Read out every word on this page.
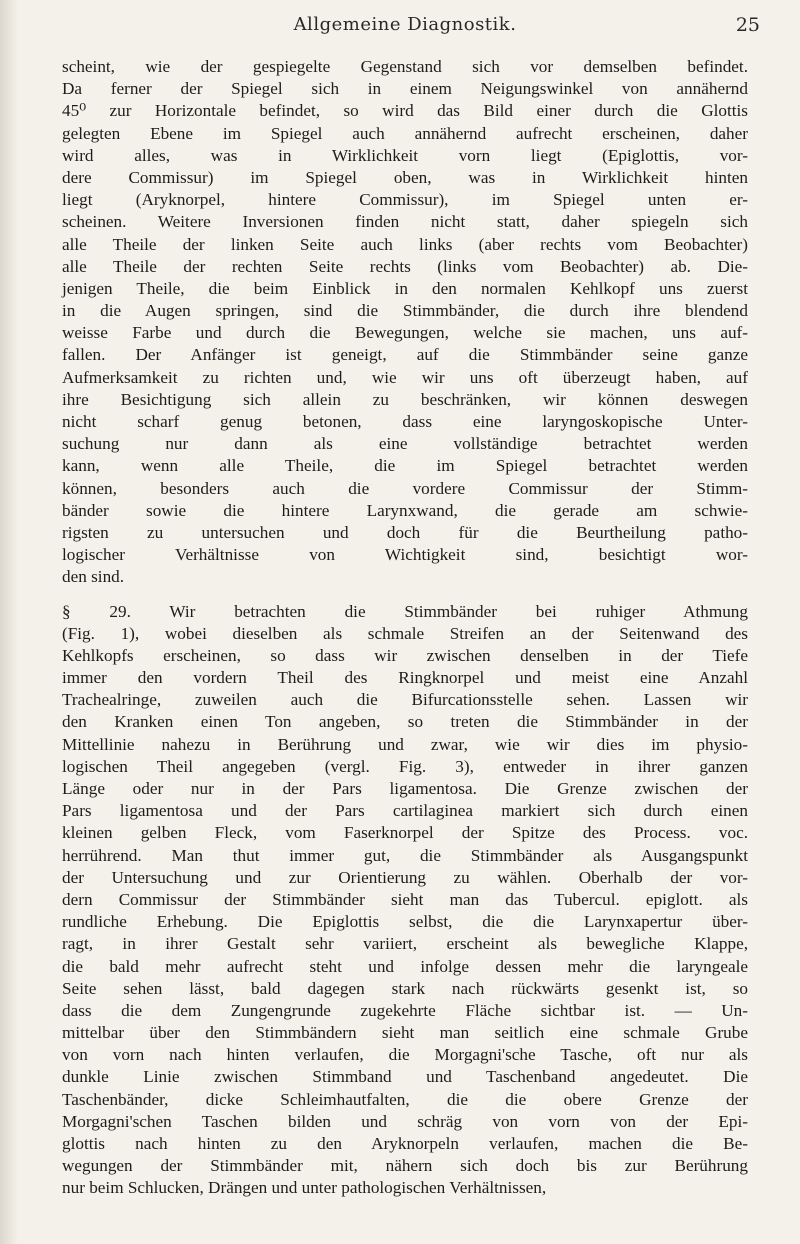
Allgemeine Diagnostik.	25

scheint, wie der gespiegelte Gegenstand sich vor demselben befindet.
Da ferner der Spiegel sich in einem Neigungswinkel von annähernd
45⁰ zur Horizontale befindet, so wird das Bild einer durch die Glottis
gelegten Ebene im Spiegel auch annähernd aufrecht erscheinen, daher
wird alles, was in Wirklichkeit vorn liegt (Epiglottis, vor-
dere Commissur) im Spiegel oben, was in Wirklichkeit hinten
liegt (Aryknorpel, hintere Commissur), im Spiegel unten er-
scheinen. Weitere Inversionen finden nicht statt, daher spiegeln sich
alle Theile der linken Seite auch links (aber rechts vom Beobachter)
alle Theile der rechten Seite rechts (links vom Beobachter) ab. Die-
jenigen Theile, die beim Einblick in den normalen Kehlkopf uns zuerst
in die Augen springen, sind die Stimmbänder, die durch ihre blendend
weisse Farbe und durch die Bewegungen, welche sie machen, uns auf-
fallen. Der Anfänger ist geneigt, auf die Stimmbänder seine ganze
Aufmerksamkeit zu richten und, wie wir uns oft überzeugt haben, auf
ihre Besichtigung sich allein zu beschränken, wir können deswegen
nicht scharf genug betonen, dass eine laryngoskopische Unter-
suchung nur dann als eine vollständige betrachtet werden
kann, wenn alle Theile, die im Spiegel betrachtet werden
können, besonders auch die vordere Commissur der Stimm-
bänder sowie die hintere Larynxwand, die gerade am schwie-
rigsten zu untersuchen und doch für die Beurtheilung patho-
logischer Verhältnisse von Wichtigkeit sind, besichtigt wor-
den sind.

§ 29. Wir betrachten die Stimmbänder bei ruhiger Athmung
(Fig. 1), wobei dieselben als schmale Streifen an der Seitenwand des
Kehlkopfs erscheinen, so dass wir zwischen denselben in der Tiefe
immer den vordern Theil des Ringknorpel und meist eine Anzahl
Trachealringe, zuweilen auch die Bifurcationsstelle sehen. Lassen wir
den Kranken einen Ton angeben, so treten die Stimmbänder in der
Mittellinie nahezu in Berührung und zwar, wie wir dies im physio-
logischen Theil angegeben (vergl. Fig. 3), entweder in ihrer ganzen
Länge oder nur in der Pars ligamentosa. Die Grenze zwischen der
Pars ligamentosa und der Pars cartilaginea markiert sich durch einen
kleinen gelben Fleck, vom Faserknorpel der Spitze des Process. voc.
herrührend. Man thut immer gut, die Stimmbänder als Ausgangspunkt
der Untersuchung und zur Orientierung zu wählen. Oberhalb der vor-
dern Commissur der Stimmbänder sieht man das Tubercul. epiglott. als
rundliche Erhebung. Die Epiglottis selbst, die die Larynxapertur über-
ragt, in ihrer Gestalt sehr variiert, erscheint als bewegliche Klappe,
die bald mehr aufrecht steht und infolge dessen mehr die laryngeale
Seite sehen lässt, bald dagegen stark nach rückwärts gesenkt ist, so
dass die dem Zungengrunde zugekehrte Fläche sichtbar ist. — Un-
mittelbar über den Stimmbändern sieht man seitlich eine schmale Grube
von vorn nach hinten verlaufen, die Morgagni'sche Tasche, oft nur als
dunkle Linie zwischen Stimmband und Taschenband angedeutet. Die
Taschenbänder, dicke Schleimhautfalten, die die obere Grenze der
Morgagni'schen Taschen bilden und schräg von vorn von der Epi-
glottis nach hinten zu den Aryknorpeln verlaufen, machen die Be-
wegungen der Stimmbänder mit, nähern sich doch bis zur Berührung
nur beim Schlucken, Drängen und unter pathologischen Verhältnissen,
